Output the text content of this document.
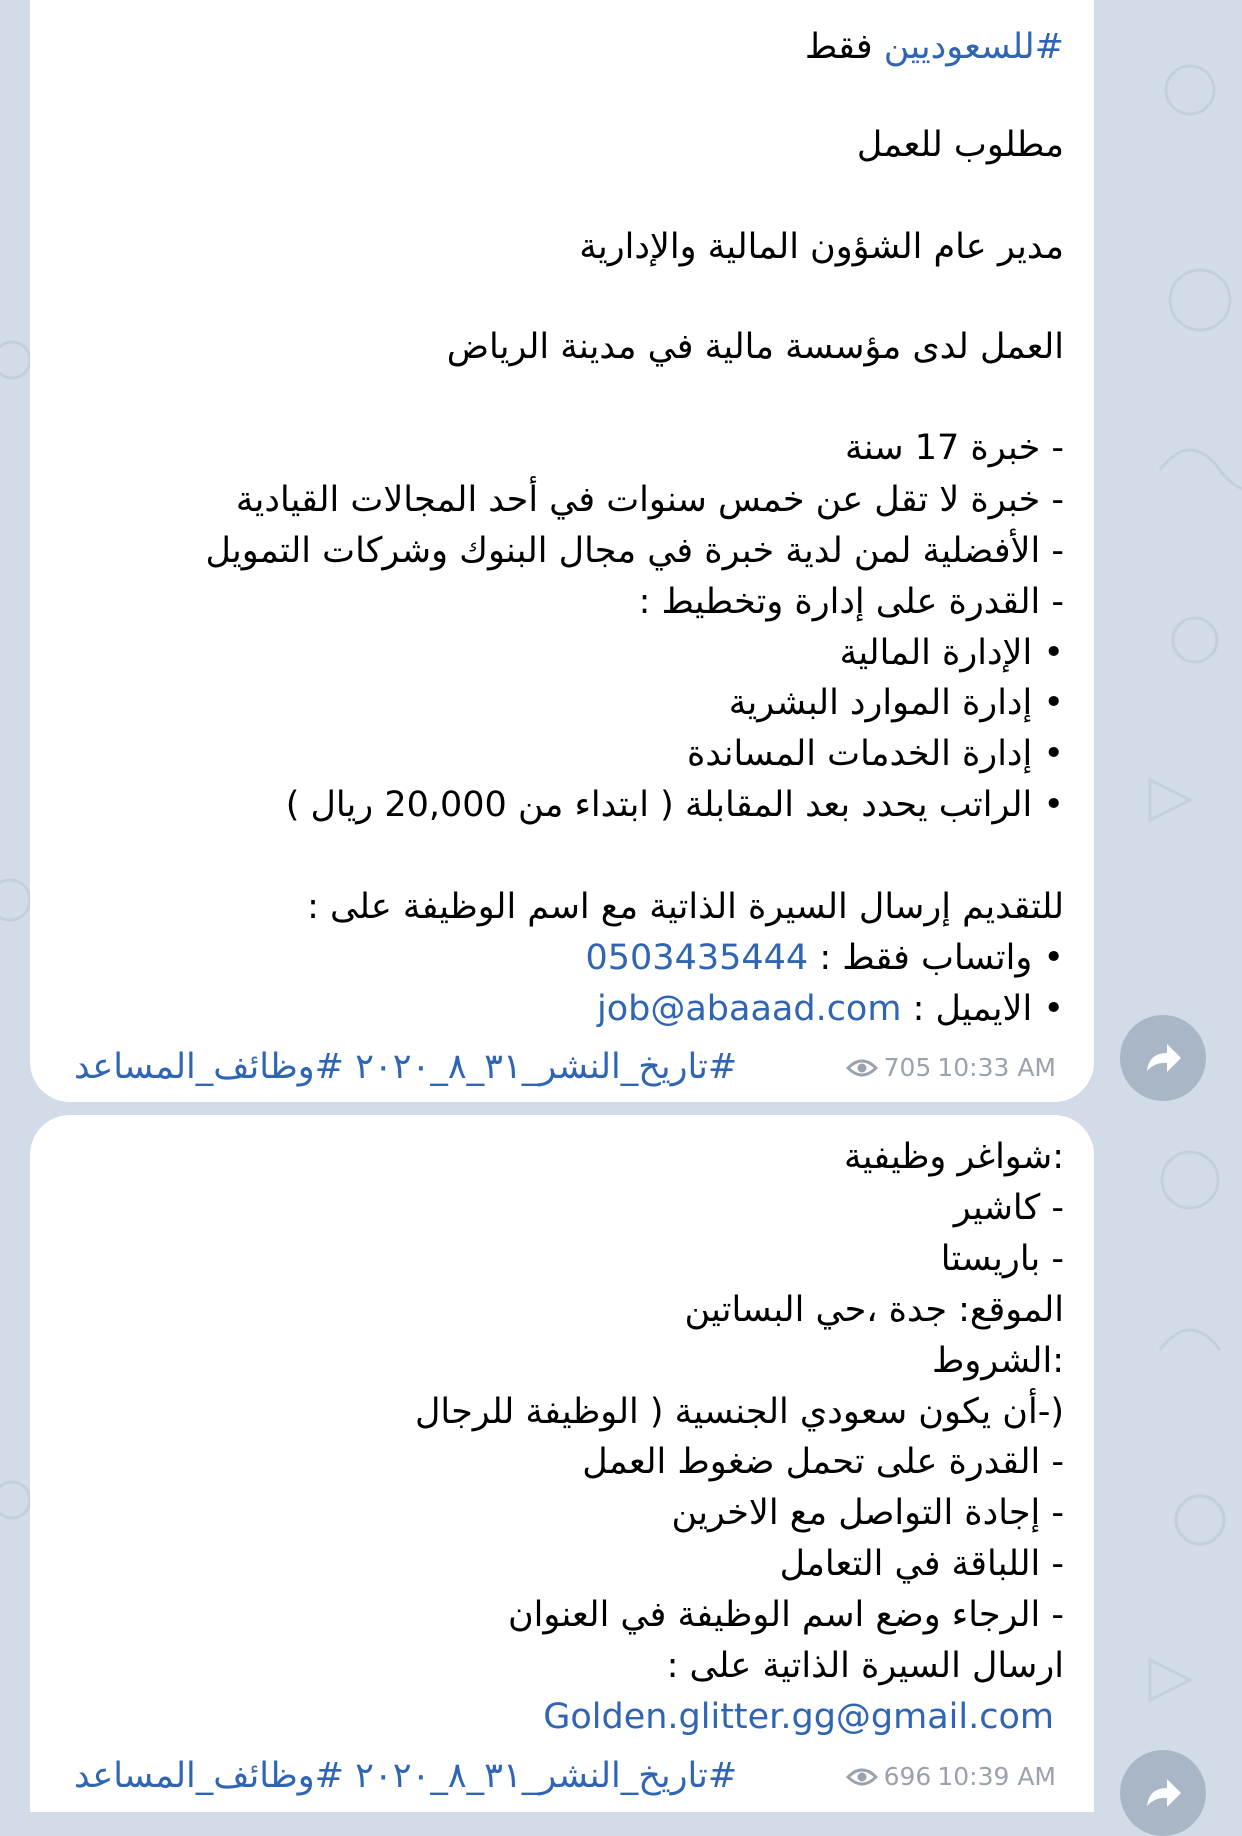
#للسعوديين فقط

مطلوب للعمل

مدير عام الشؤون المالية والإدارية

العمل لدى مؤسسة مالية في مدينة الرياض

- خبرة 17 سنة

- خبرة لا تقل عن خمس سنوات في أحد المجالات القيادية

- الأفضلية لمن لدية خبرة في مجال البنوك وشركات التمويل

- القدرة على إدارة وتخطيط :

• الإدارة المالية

• إدارة الموارد البشرية

• إدارة الخدمات المساندة

• الراتب يحدد بعد المقابلة ( ابتداء من 20,000 ريال )

للتقديم إرسال السيرة الذاتية مع اسم الوظيفة على :

• واتساب فقط : 0503435444

• الايميل : job@abaaad.com

#تاريخ_النشر_٣١_٨_٢٠٢٠ #وظائف_المساعد	705 10:33 AM

:شواغر وظيفية

- كاشير

- باريستا

الموقع: جدة ،حي البساتين

:الشروط

(-أن يكون سعودي الجنسية ( الوظيفة للرجال

- القدرة على تحمل ضغوط العمل

- إجادة التواصل مع الاخرين

- اللباقة في التعامل

- الرجاء وضع اسم الوظيفة في العنوان

ارسال السيرة الذاتية على :

Golden.glitter.gg@gmail.com

#تاريخ_النشر_٣١_٨_٢٠٢٠ #وظائف_المساعد	696 10:39 AM
